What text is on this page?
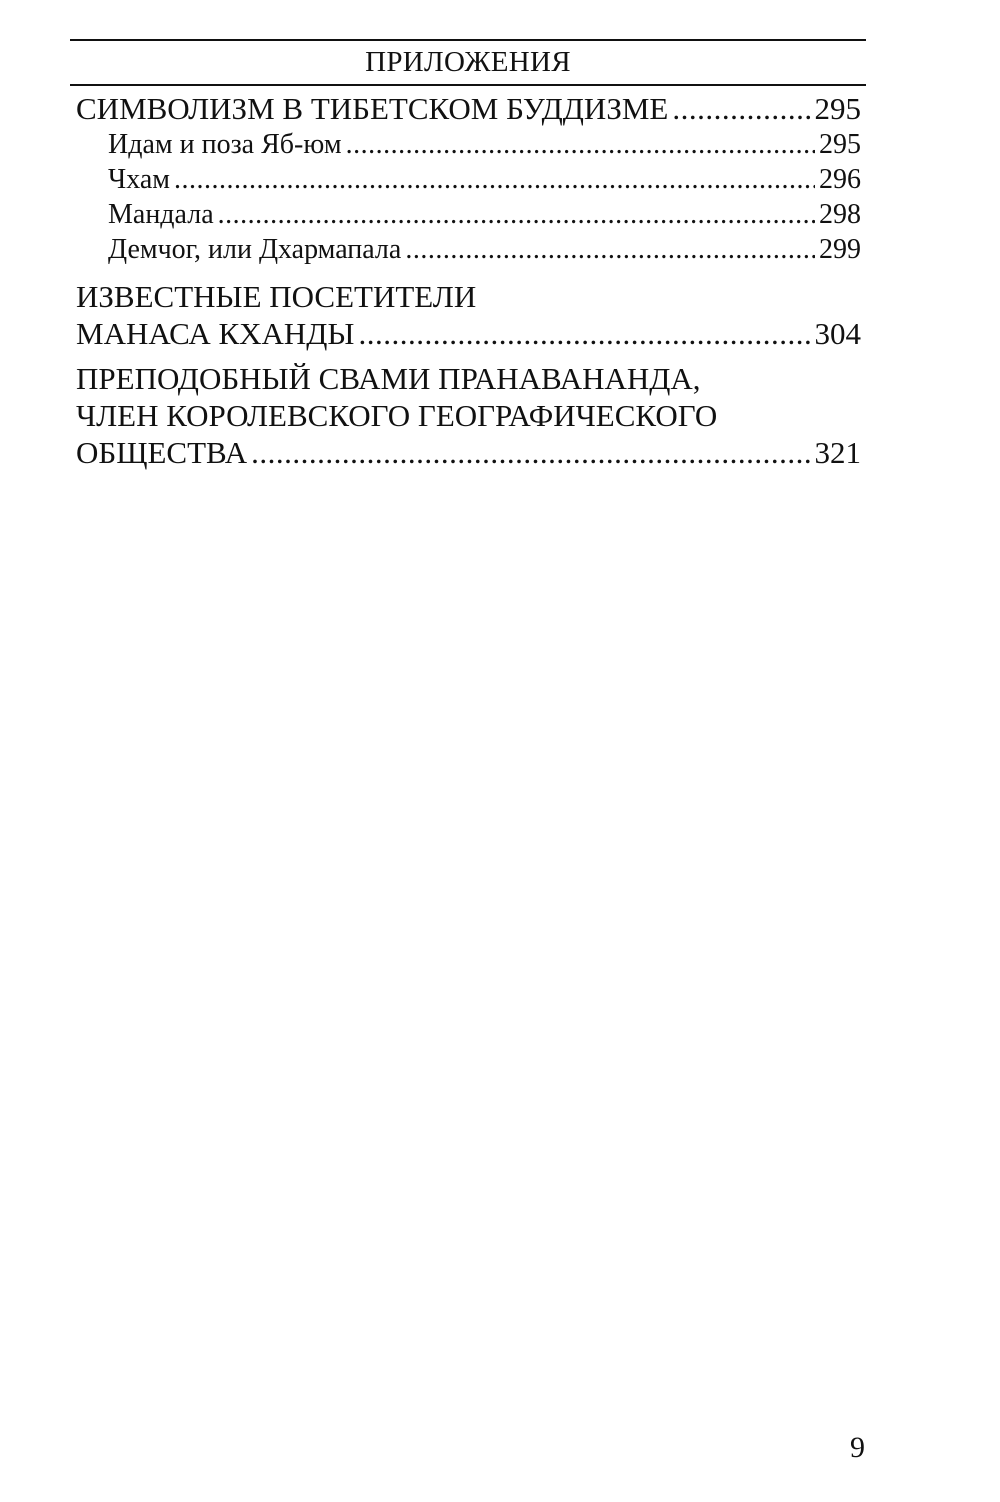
ПРИЛОЖЕНИЯ
СИМВОЛИЗМ В ТИБЕТСКОМ БУДДИЗМЕ .....	295
Идам и поза Яб-юм .....	295
Чхам .....	296
Мандала .....	298
Демчог, или Дхармапала .....	299
ИЗВЕСТНЫЕ ПОСЕТИТЕЛИ
МАНАСА КХАНДЫ .....	304
ПРЕПОДОБНЫЙ СВАМИ ПРАНАВАНАНДА,
ЧЛЕН КОРОЛЕВСКОГО ГЕОГРАФИЧЕСКОГО
ОБЩЕСТВА .....	321
9
